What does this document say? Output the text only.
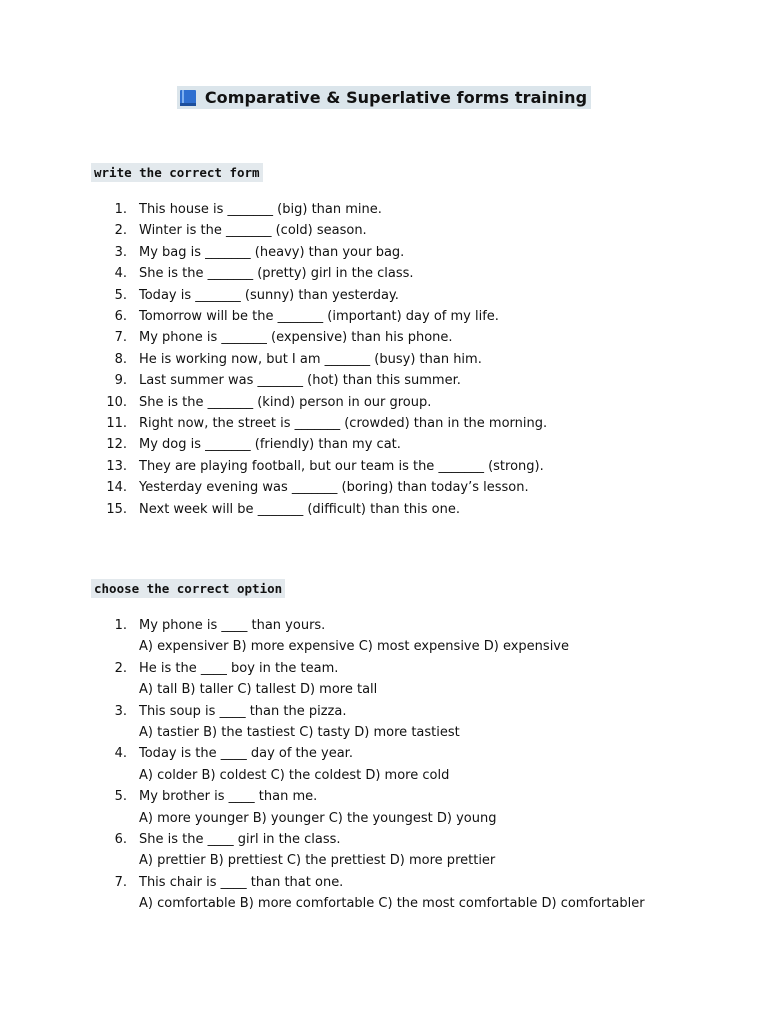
Comparative & Superlative forms training
write the correct form
1. This house is _______ (big) than mine.
2. Winter is the _______ (cold) season.
3. My bag is _______ (heavy) than your bag.
4. She is the _______ (pretty) girl in the class.
5. Today is _______ (sunny) than yesterday.
6. Tomorrow will be the _______ (important) day of my life.
7. My phone is _______ (expensive) than his phone.
8. He is working now, but I am _______ (busy) than him.
9. Last summer was _______ (hot) than this summer.
10. She is the _______ (kind) person in our group.
11. Right now, the street is _______ (crowded) than in the morning.
12. My dog is _______ (friendly) than my cat.
13. They are playing football, but our team is the _______ (strong).
14. Yesterday evening was _______ (boring) than today’s lesson.
15. Next week will be _______ (difficult) than this one.
choose the correct option
1. My phone is ____ than yours.
A) expensiver B) more expensive C) most expensive D) expensive
2. He is the ____ boy in the team.
A) tall B) taller C) tallest D) more tall
3. This soup is ____ than the pizza.
A) tastier B) the tastiest C) tasty D) more tastiest
4. Today is the ____ day of the year.
A) colder B) coldest C) the coldest D) more cold
5. My brother is ____ than me.
A) more younger B) younger C) the youngest D) young
6. She is the ____ girl in the class.
A) prettier B) prettiest C) the prettiest D) more prettier
7. This chair is ____ than that one.
A) comfortable B) more comfortable C) the most comfortable D) comfortabler
